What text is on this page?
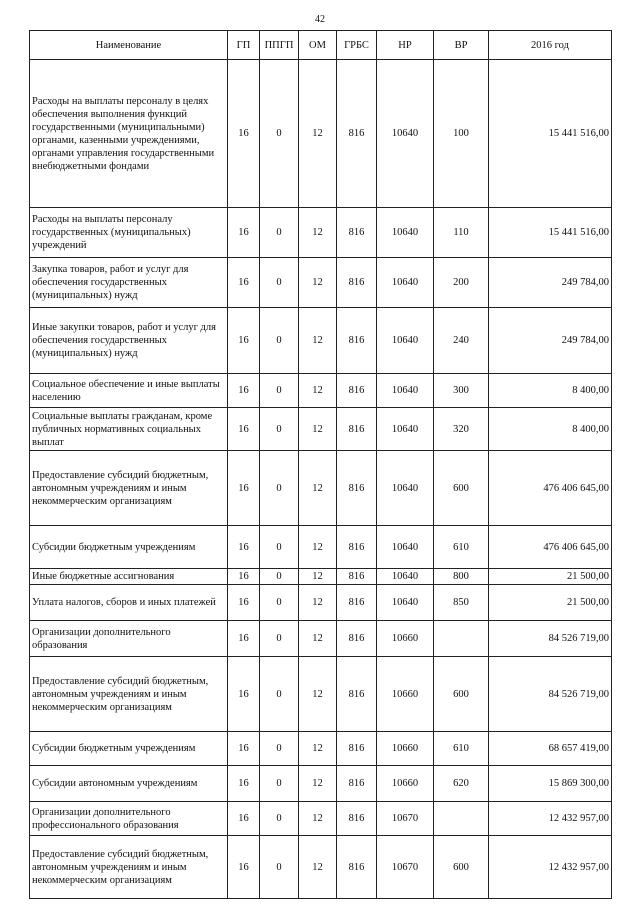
42
Наименование	ГП	ППГП	ОМ	ГРБС	НР	ВР	2016 год
Расходы на выплаты персоналу в целях обеспечения выполнения функций государственными (муниципальными) органами, казенными учреждениями, органами управления государственными внебюджетными фондами	16	0	12	816	10640	100	15 441 516,00
Расходы на выплаты персоналу государственных (муниципальных) учреждений	16	0	12	816	10640	110	15 441 516,00
Закупка товаров, работ и услуг для обеспечения государственных (муниципальных) нужд	16	0	12	816	10640	200	249 784,00
Иные закупки товаров, работ и услуг для обеспечения государственных (муниципальных) нужд	16	0	12	816	10640	240	249 784,00
Социальное обеспечение и иные выплаты населению	16	0	12	816	10640	300	8 400,00
Социальные выплаты гражданам, кроме публичных нормативных социальных выплат	16	0	12	816	10640	320	8 400,00
Предоставление субсидий бюджетным, автономным учреждениям и иным некоммерческим организациям	16	0	12	816	10640	600	476 406 645,00
Субсидии бюджетным учреждениям	16	0	12	816	10640	610	476 406 645,00
Иные бюджетные ассигнования	16	0	12	816	10640	800	21 500,00
Уплата налогов, сборов и иных платежей	16	0	12	816	10640	850	21 500,00
Организации дополнительного образования	16	0	12	816	10660		84 526 719,00
Предоставление субсидий бюджетным, автономным учреждениям и иным некоммерческим организациям	16	0	12	816	10660	600	84 526 719,00
Субсидии бюджетным учреждениям	16	0	12	816	10660	610	68 657 419,00
Субсидии автономным учреждениям	16	0	12	816	10660	620	15 869 300,00
Организации дополнительного профессионального образования	16	0	12	816	10670		12 432 957,00
Предоставление субсидий бюджетным, автономным учреждениям и иным некоммерческим организациям	16	0	12	816	10670	600	12 432 957,00
